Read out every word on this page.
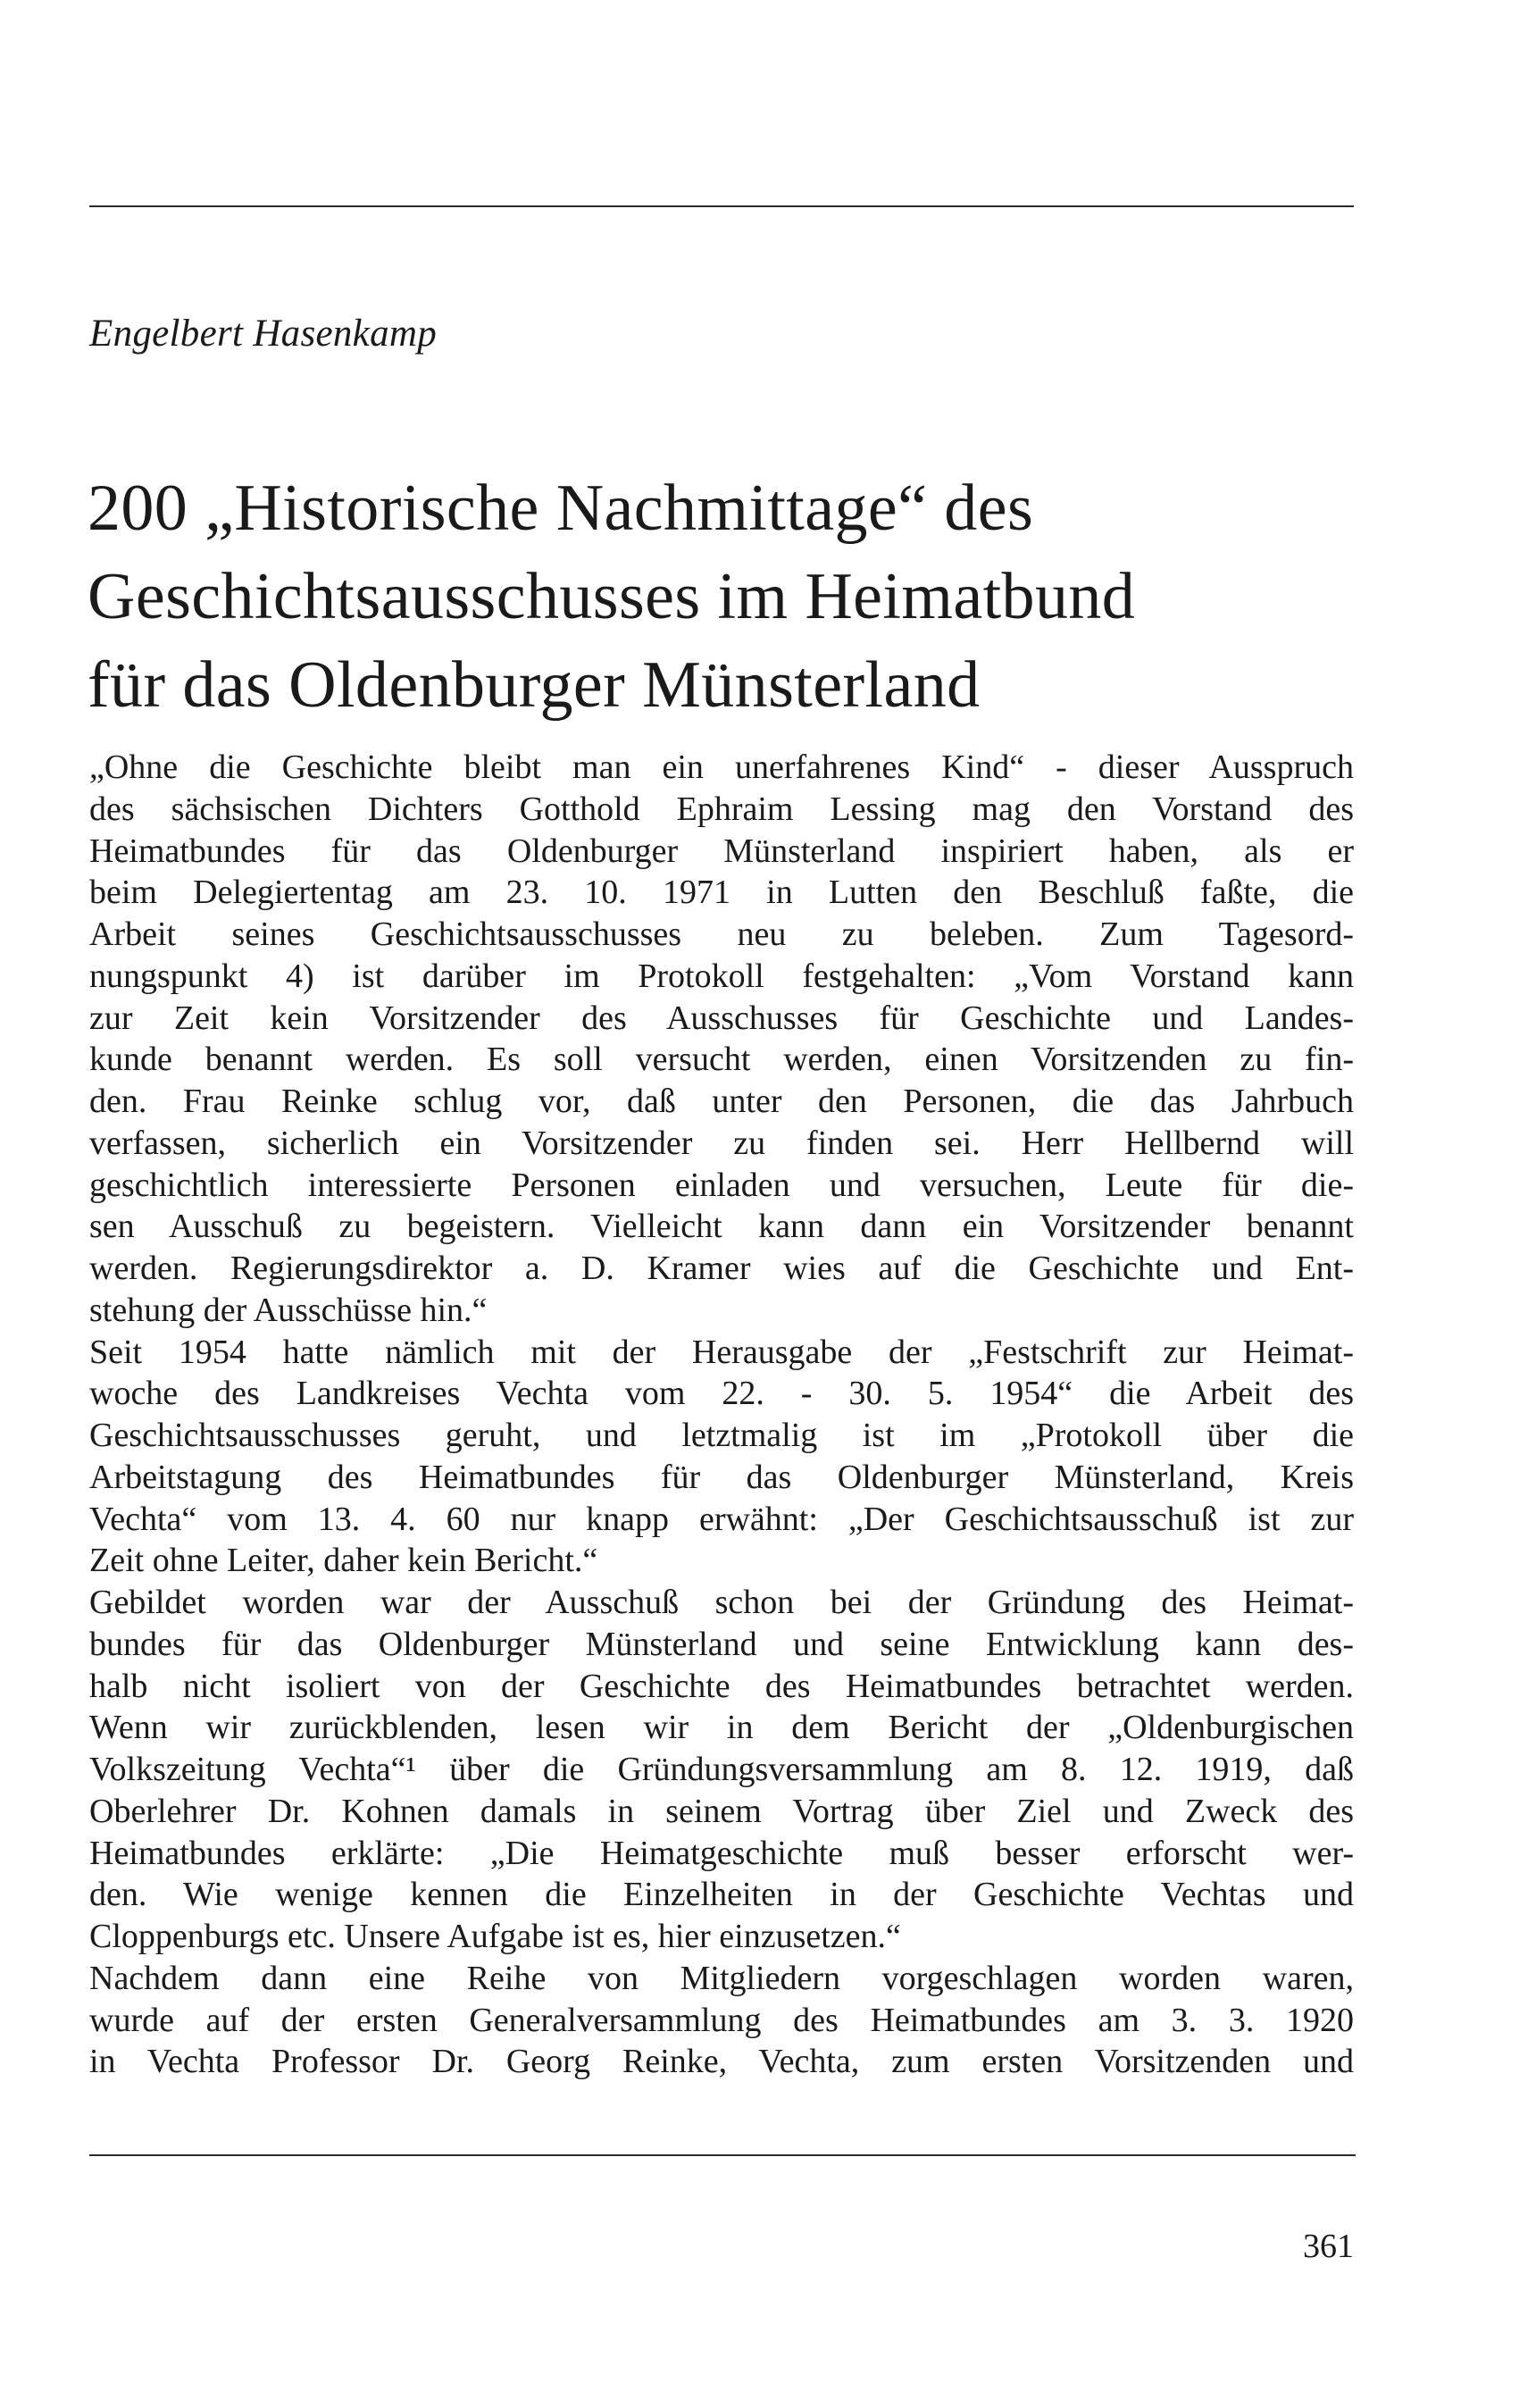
Engelbert Hasenkamp
200 „Historische Nachmittage“ des
Geschichtsausschusses im Heimatbund
für das Oldenburger Münsterland
„Ohne die Geschichte bleibt man ein unerfahrenes Kind“ - dieser Ausspruch
des sächsischen Dichters Gotthold Ephraim Lessing mag den Vorstand des
Heimatbundes für das Oldenburger Münsterland inspiriert haben, als er
beim Delegiertentag am 23. 10. 1971 in Lutten den Beschluß faßte, die
Arbeit seines Geschichtsausschusses neu zu beleben. Zum Tagesord-
nungspunkt 4) ist darüber im Protokoll festgehalten: „Vom Vorstand kann
zur Zeit kein Vorsitzender des Ausschusses für Geschichte und Landes-
kunde benannt werden. Es soll versucht werden, einen Vorsitzenden zu fin-
den. Frau Reinke schlug vor, daß unter den Personen, die das Jahrbuch
verfassen, sicherlich ein Vorsitzender zu finden sei. Herr Hellbernd will
geschichtlich interessierte Personen einladen und versuchen, Leute für die-
sen Ausschuß zu begeistern. Vielleicht kann dann ein Vorsitzender benannt
werden. Regierungsdirektor a. D. Kramer wies auf die Geschichte und Ent-
stehung der Ausschüsse hin.“
Seit 1954 hatte nämlich mit der Herausgabe der „Festschrift zur Heimat-
woche des Landkreises Vechta vom 22. - 30. 5. 1954“ die Arbeit des
Geschichtsausschusses geruht, und letztmalig ist im „Protokoll über die
Arbeitstagung des Heimatbundes für das Oldenburger Münsterland, Kreis
Vechta“ vom 13. 4. 60 nur knapp erwähnt: „Der Geschichtsausschuß ist zur
Zeit ohne Leiter, daher kein Bericht.“
Gebildet worden war der Ausschuß schon bei der Gründung des Heimat-
bundes für das Oldenburger Münsterland und seine Entwicklung kann des-
halb nicht isoliert von der Geschichte des Heimatbundes betrachtet werden.
Wenn wir zurückblenden, lesen wir in dem Bericht der „Oldenburgischen
Volkszeitung Vechta“¹ über die Gründungsversammlung am 8. 12. 1919, daß
Oberlehrer Dr. Kohnen damals in seinem Vortrag über Ziel und Zweck des
Heimatbundes erklärte: „Die Heimatgeschichte muß besser erforscht wer-
den. Wie wenige kennen die Einzelheiten in der Geschichte Vechtas und
Cloppenburgs etc. Unsere Aufgabe ist es, hier einzusetzen.“
Nachdem dann eine Reihe von Mitgliedern vorgeschlagen worden waren,
wurde auf der ersten Generalversammlung des Heimatbundes am 3. 3. 1920
in Vechta Professor Dr. Georg Reinke, Vechta, zum ersten Vorsitzenden und
361
